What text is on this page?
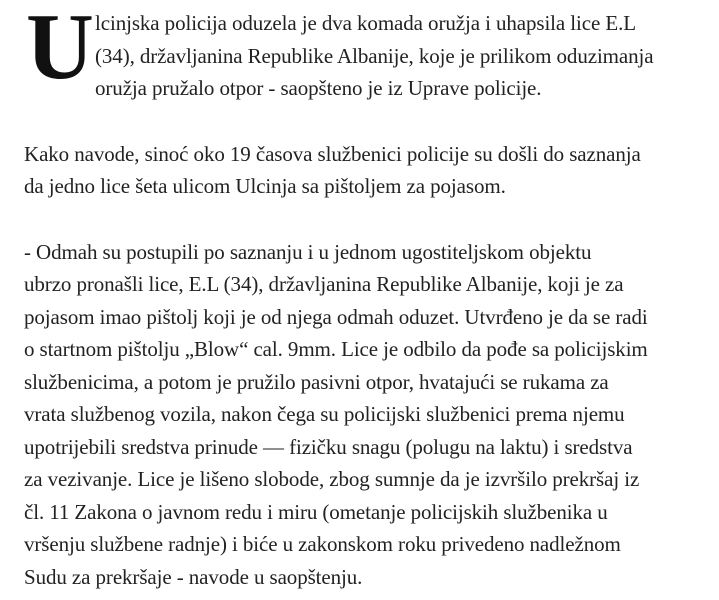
U lcinjska policija oduzela je dva komada oružja i uhapsila lice E.L
(34), državljanina Republike Albanije, koje je prilikom oduzimanja
oružja pružalo otpor - saopšteno je iz Uprave policije.
Kako navode, sinoć oko 19 časova službenici policije su došli do saznanja
da jedno lice šeta ulicom Ulcinja sa pištoljem za pojasom.
- Odmah su postupili po saznanju i u jednom ugostiteljskom objektu
ubrzo pronašli lice, E.L (34), državljanina Republike Albanije, koji je za
pojasom imao pištolj koji je od njega odmah oduzet. Utvrđeno je da se radi
o startnom pištolju „Blow“ cal. 9mm. Lice je odbilo da pođe sa policijskim
službenicima, a potom je pružilo pasivni otpor, hvatajući se rukama za
vrata službenog vozila, nakon čega su policijski službenici prema njemu
upotrijebili sredstva prinude — fizičku snagu (polugu na laktu) i sredstva
za vezivanje. Lice je lišeno slobode, zbog sumnje da je izvršilo prekršaj iz
čl. 11 Zakona o javnom redu i miru (ometanje policijskih službenika u
vršenju službene radnje) i biće u zakonskom roku privedeno nadležnom
Sudu za prekršaje - navode u saopštenju.
